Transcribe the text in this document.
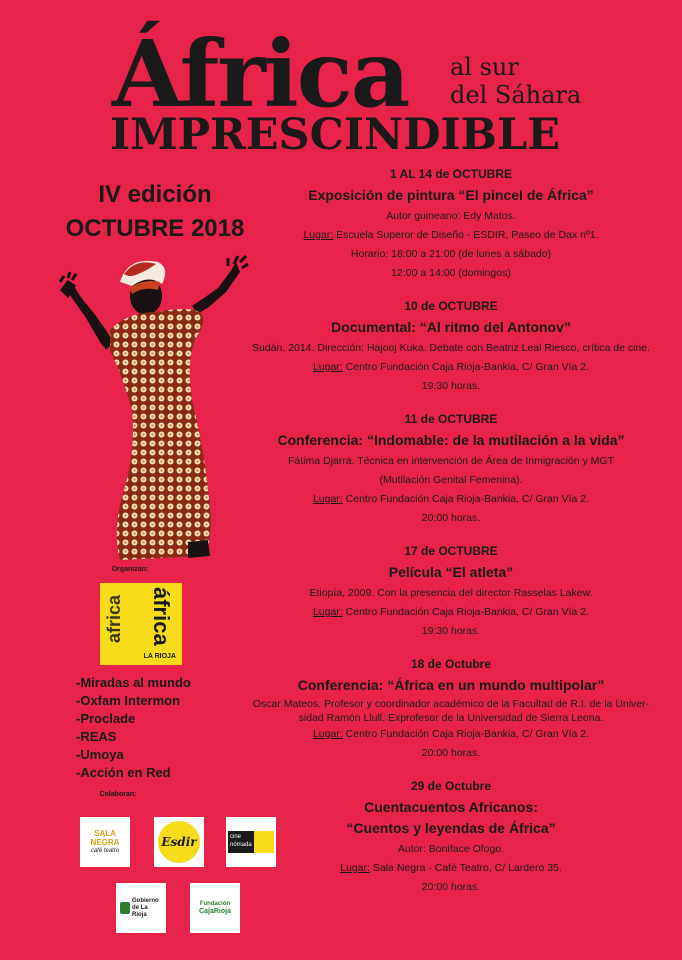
África al sur
del Sáhara
IMPRESCINDIBLE
IV edición
OCTUBRE 2018
1 AL 14 de OCTUBRE
Exposición de pintura “El pincel de África”
Autor guineano: Edy Matos.
Lugar: Escuela Superor de Diseño - ESDIR, Paseo de Dax nº1.
Horario: 18:00 a 21:00 (de lunes a sábado)
12:00 a 14:00 (domingos)
10 de OCTUBRE
Documental: “Al ritmo del Antonov”
Sudán, 2014. Dirección: Hajooj Kuka. Debate con Beatriz Leal Riesco, crítica de cine.
Lugar: Centro Fundación Caja Rioja-Bankia, C/ Gran Vía 2.
19:30 horas.
11 de OCTUBRE
Conferencia: “Indomable: de la mutilación a la vida”
Fátima Djarra. Técnica en intervención de Área de Inmigración y MGT
(Mutilación Genital Femenina).
Lugar: Centro Fundación Caja Rioja-Bankia, C/ Gran Vía 2.
20:00 horas.
17 de OCTUBRE
Película “El atleta”
Etiopía, 2009. Con la presencia del director Rasselas Lakew.
Lugar: Centro Fundación Caja Rioja-Bankia, C/ Gran Vía 2.
19:30 horas.
18 de Octubre
Conferencia: “África en un mundo multipolar”
Oscar Mateos. Profesor y coordinador académico de la Facultad de R.I. de la Univer-
sidad Ramón Llull. Exprofesor de la Universidad de Sierra Leona.
Lugar: Centro Fundación Caja Rioja-Bankia, C/ Gran Vía 2.
20:00 horas.
29 de Octubre
Cuentacuentos Africanos:
“Cuentos y leyendas de África”
Autor: Boniface Ofogo.
Lugar: Sala Negra - Café Teatro, C/ Lardero 35.
20:00 horas.
Organizan:
áfrica
africa
LA RIOJA
-Miradas al mundo
-Oxfam Intermon
-Proclade
-REAS
-Umoya
-Acción en Red
Colaboran:
SALA NEGRA
café teatro
Esdir	cine nómada
Gobierno de La Rioja
Fundación
CajaRioja
